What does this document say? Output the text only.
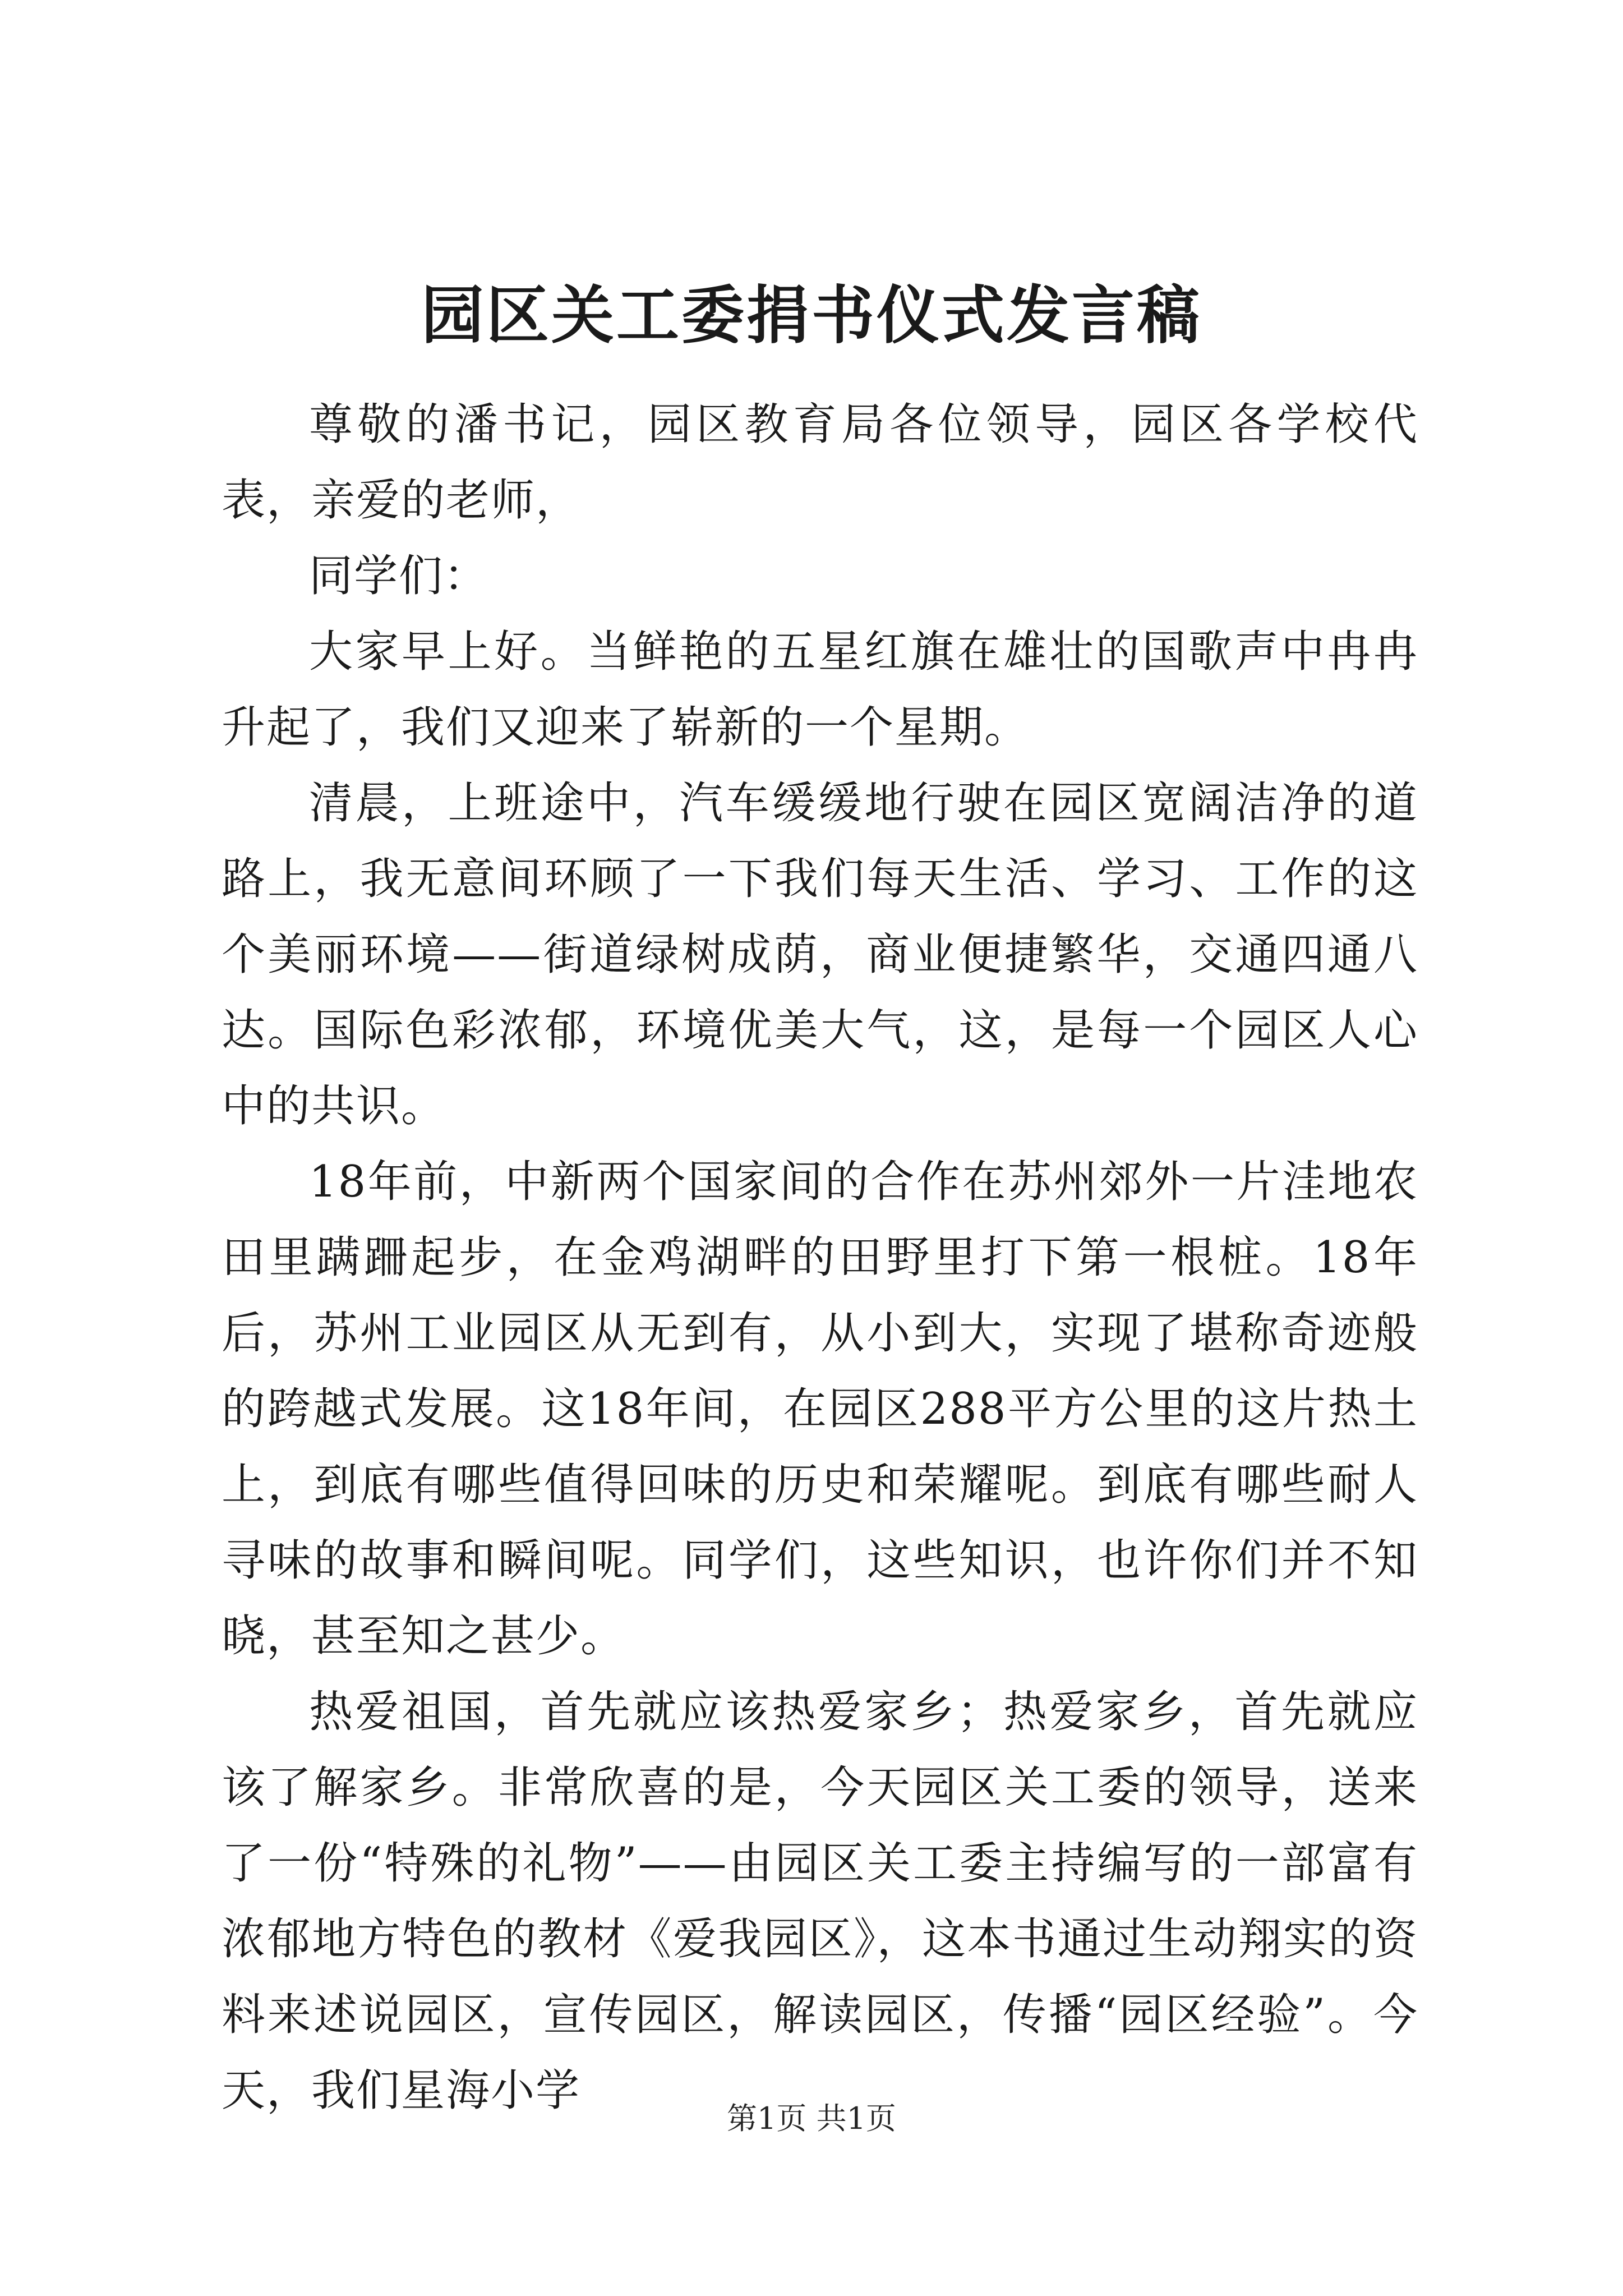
园区关工委捐书仪式发言稿

尊敬的潘书记，园区教育局各位领导，园区各学校代表，亲爱的老师，

同学们：

大家早上好。当鲜艳的五星红旗在雄壮的国歌声中冉冉升起了，我们又迎来了崭新的一个星期。

清晨，上班途中，汽车缓缓地行驶在园区宽阔洁净的道路上，我无意间环顾了一下我们每天生活、学习、工作的这个美丽环境——街道绿树成荫，商业便捷繁华，交通四通八达。国际色彩浓郁，环境优美大气，这，是每一个园区人心中的共识。

18年前，中新两个国家间的合作在苏州郊外一片洼地农田里蹒跚起步，在金鸡湖畔的田野里打下第一根桩。18年后，苏州工业园区从无到有，从小到大，实现了堪称奇迹般的跨越式发展。这18年间，在园区288平方公里的这片热土上，到底有哪些值得回味的历史和荣耀呢。到底有哪些耐人寻味的故事和瞬间呢。同学们，这些知识，也许你们并不知晓，甚至知之甚少。

热爱祖国，首先就应该热爱家乡；热爱家乡，首先就应该了解家乡。非常欣喜的是，今天园区关工委的领导，送来了一份“特殊的礼物”——由园区关工委主持编写的一部富有浓郁地方特色的教材《爱我园区》，这本书通过生动翔实的资料来述说园区，宣传园区，解读园区，传播“园区经验”。今天，我们星海小学

第1页 共1页
